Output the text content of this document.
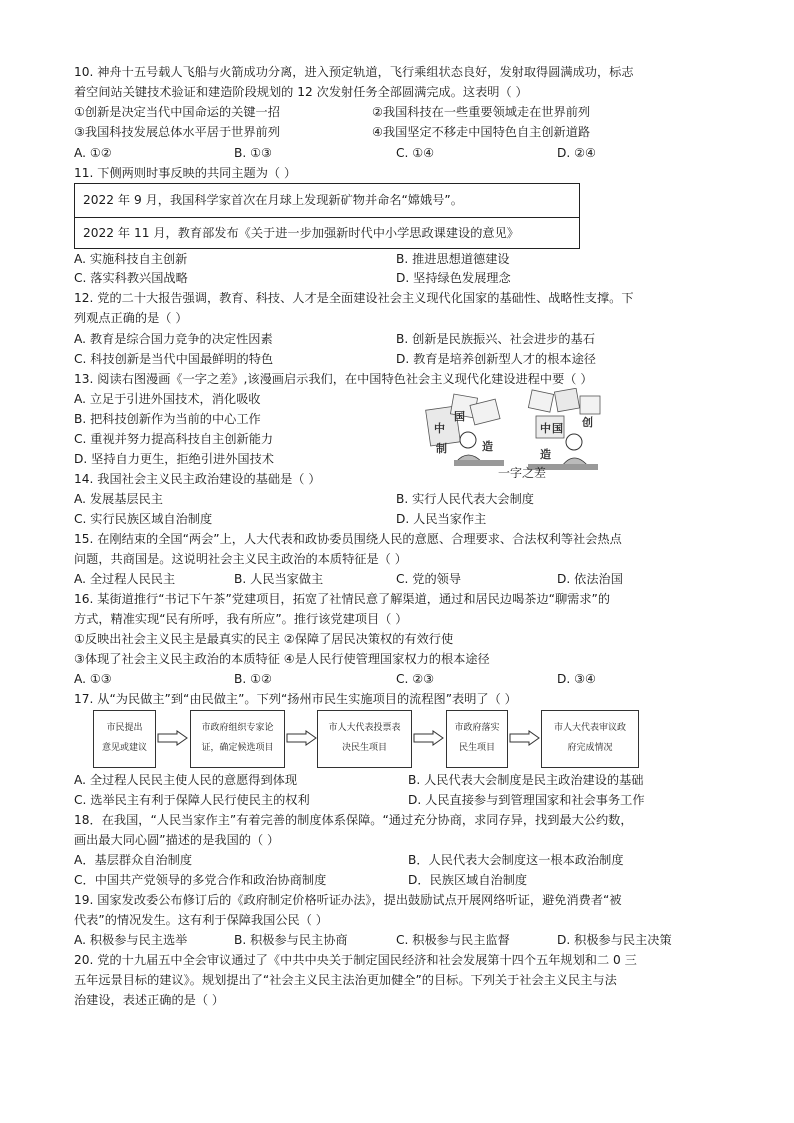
10. 神舟十五号载人飞船与火箭成功分离，进入预定轨道，飞行乘组状态良好，发射取得圆满成功，标志
着空间站关键技术验证和建造阶段规划的 12 次发射任务全部圆满完成。这表明（ ）
①创新是决定当代中国命运的关键一招	②我国科技在一些重要领域走在世界前列
③我国科技发展总体水平居于世界前列	④我国坚定不移走中国特色自主创新道路
A. ①②	B. ①③	C. ①④	D. ②④
11. 下侧两则时事反映的共同主题为（ ）
2022 年 9 月，我国科学家首次在月球上发现新矿物并命名“嫦娥号”。
2022 年 11 月，教育部发布《关于进一步加强新时代中小学思政课建设的意见》
A. 实施科技自主创新	B. 推进思想道德建设
C. 落实科教兴国战略	D. 坚持绿色发展理念
12. 党的二十大报告强调，教育、科技、人才是全面建设社会主义现代化国家的基础性、战略性支撑。下
列观点正确的是（ ）
A. 教育是综合国力竞争的决定性因素	B. 创新是民族振兴、社会进步的基石
C. 科技创新是当代中国最鲜明的特色	D. 教育是培养创新型人才的根本途径
13. 阅读右图漫画《一字之差》,该漫画启示我们，在中国特色社会主义现代化建设进程中要（ ）
A. 立足于引进外国技术，消化吸收
B. 把科技创新作为当前的中心工作
C. 重视并努力提高科技自主创新能力
D. 坚持自力更生，拒绝引进外国技术
中
国
制	造
中 国 创
造
一字之差
14. 我国社会主义民主政治建设的基础是（ ）
A. 发展基层民主	B. 实行人民代表大会制度
C. 实行民族区域自治制度	D. 人民当家作主
15. 在刚结束的全国“两会”上，人大代表和政协委员围绕人民的意愿、合理要求、合法权利等社会热点
问题，共商国是。这说明社会主义民主政治的本质特征是（ ）
A. 全过程人民民主	B. 人民当家做主	C. 党的领导	D. 依法治国
16. 某街道推行“书记下午茶”党建项目，拓宽了社情民意了解渠道，通过和居民边喝茶边“聊需求”的
方式，精准实现“民有所呼，我有所应”。推行该党建项目（ ）
①反映出社会主义民主是最真实的民主 ②保障了居民决策权的有效行使
③体现了社会主义民主政治的本质特征 ④是人民行使管理国家权力的根本途径
A. ①③	B. ①②	C. ②③	D. ③④
17. 从“为民做主”到“由民做主”。下列“扬州市民生实施项目的流程图”表明了（ ）
市民提出
意见或建议
市政府组织专家论
证，确定候选项目
市人大代表投票表
决民生项目
市政府落实
民生项目
市人大代表审议政
府完成情况
A. 全过程人民民主使人民的意愿得到体现	B. 人民代表大会制度是民主政治建设的基础
C. 选举民主有利于保障人民行使民主的权利	D. 人民直接参与到管理国家和社会事务工作
18．在我国，“人民当家作主”有着完善的制度体系保障。“通过充分协商，求同存异，找到最大公约数，
画出最大同心圆”描述的是我国的（ ）
A．基层群众自治制度	B．人民代表大会制度这一根本政治制度
C．中国共产党领导的多党合作和政治协商制度	D．民族区域自治制度
19. 国家发改委公布修订后的《政府制定价格听证办法》，提出鼓励试点开展网络听证，避免消费者“被
代表”的情况发生。这有利于保障我国公民（ ）
A. 积极参与民主选举	B. 积极参与民主协商	C. 积极参与民主监督	D. 积极参与民主决策
20. 党的十九届五中全会审议通过了《中共中央关于制定国民经济和社会发展第十四个五年规划和二 0 三
五年远景目标的建议》。规划提出了“社会主义民主法治更加健全”的目标。下列关于社会主义民主与法
治建设，表述正确的是（ ）
